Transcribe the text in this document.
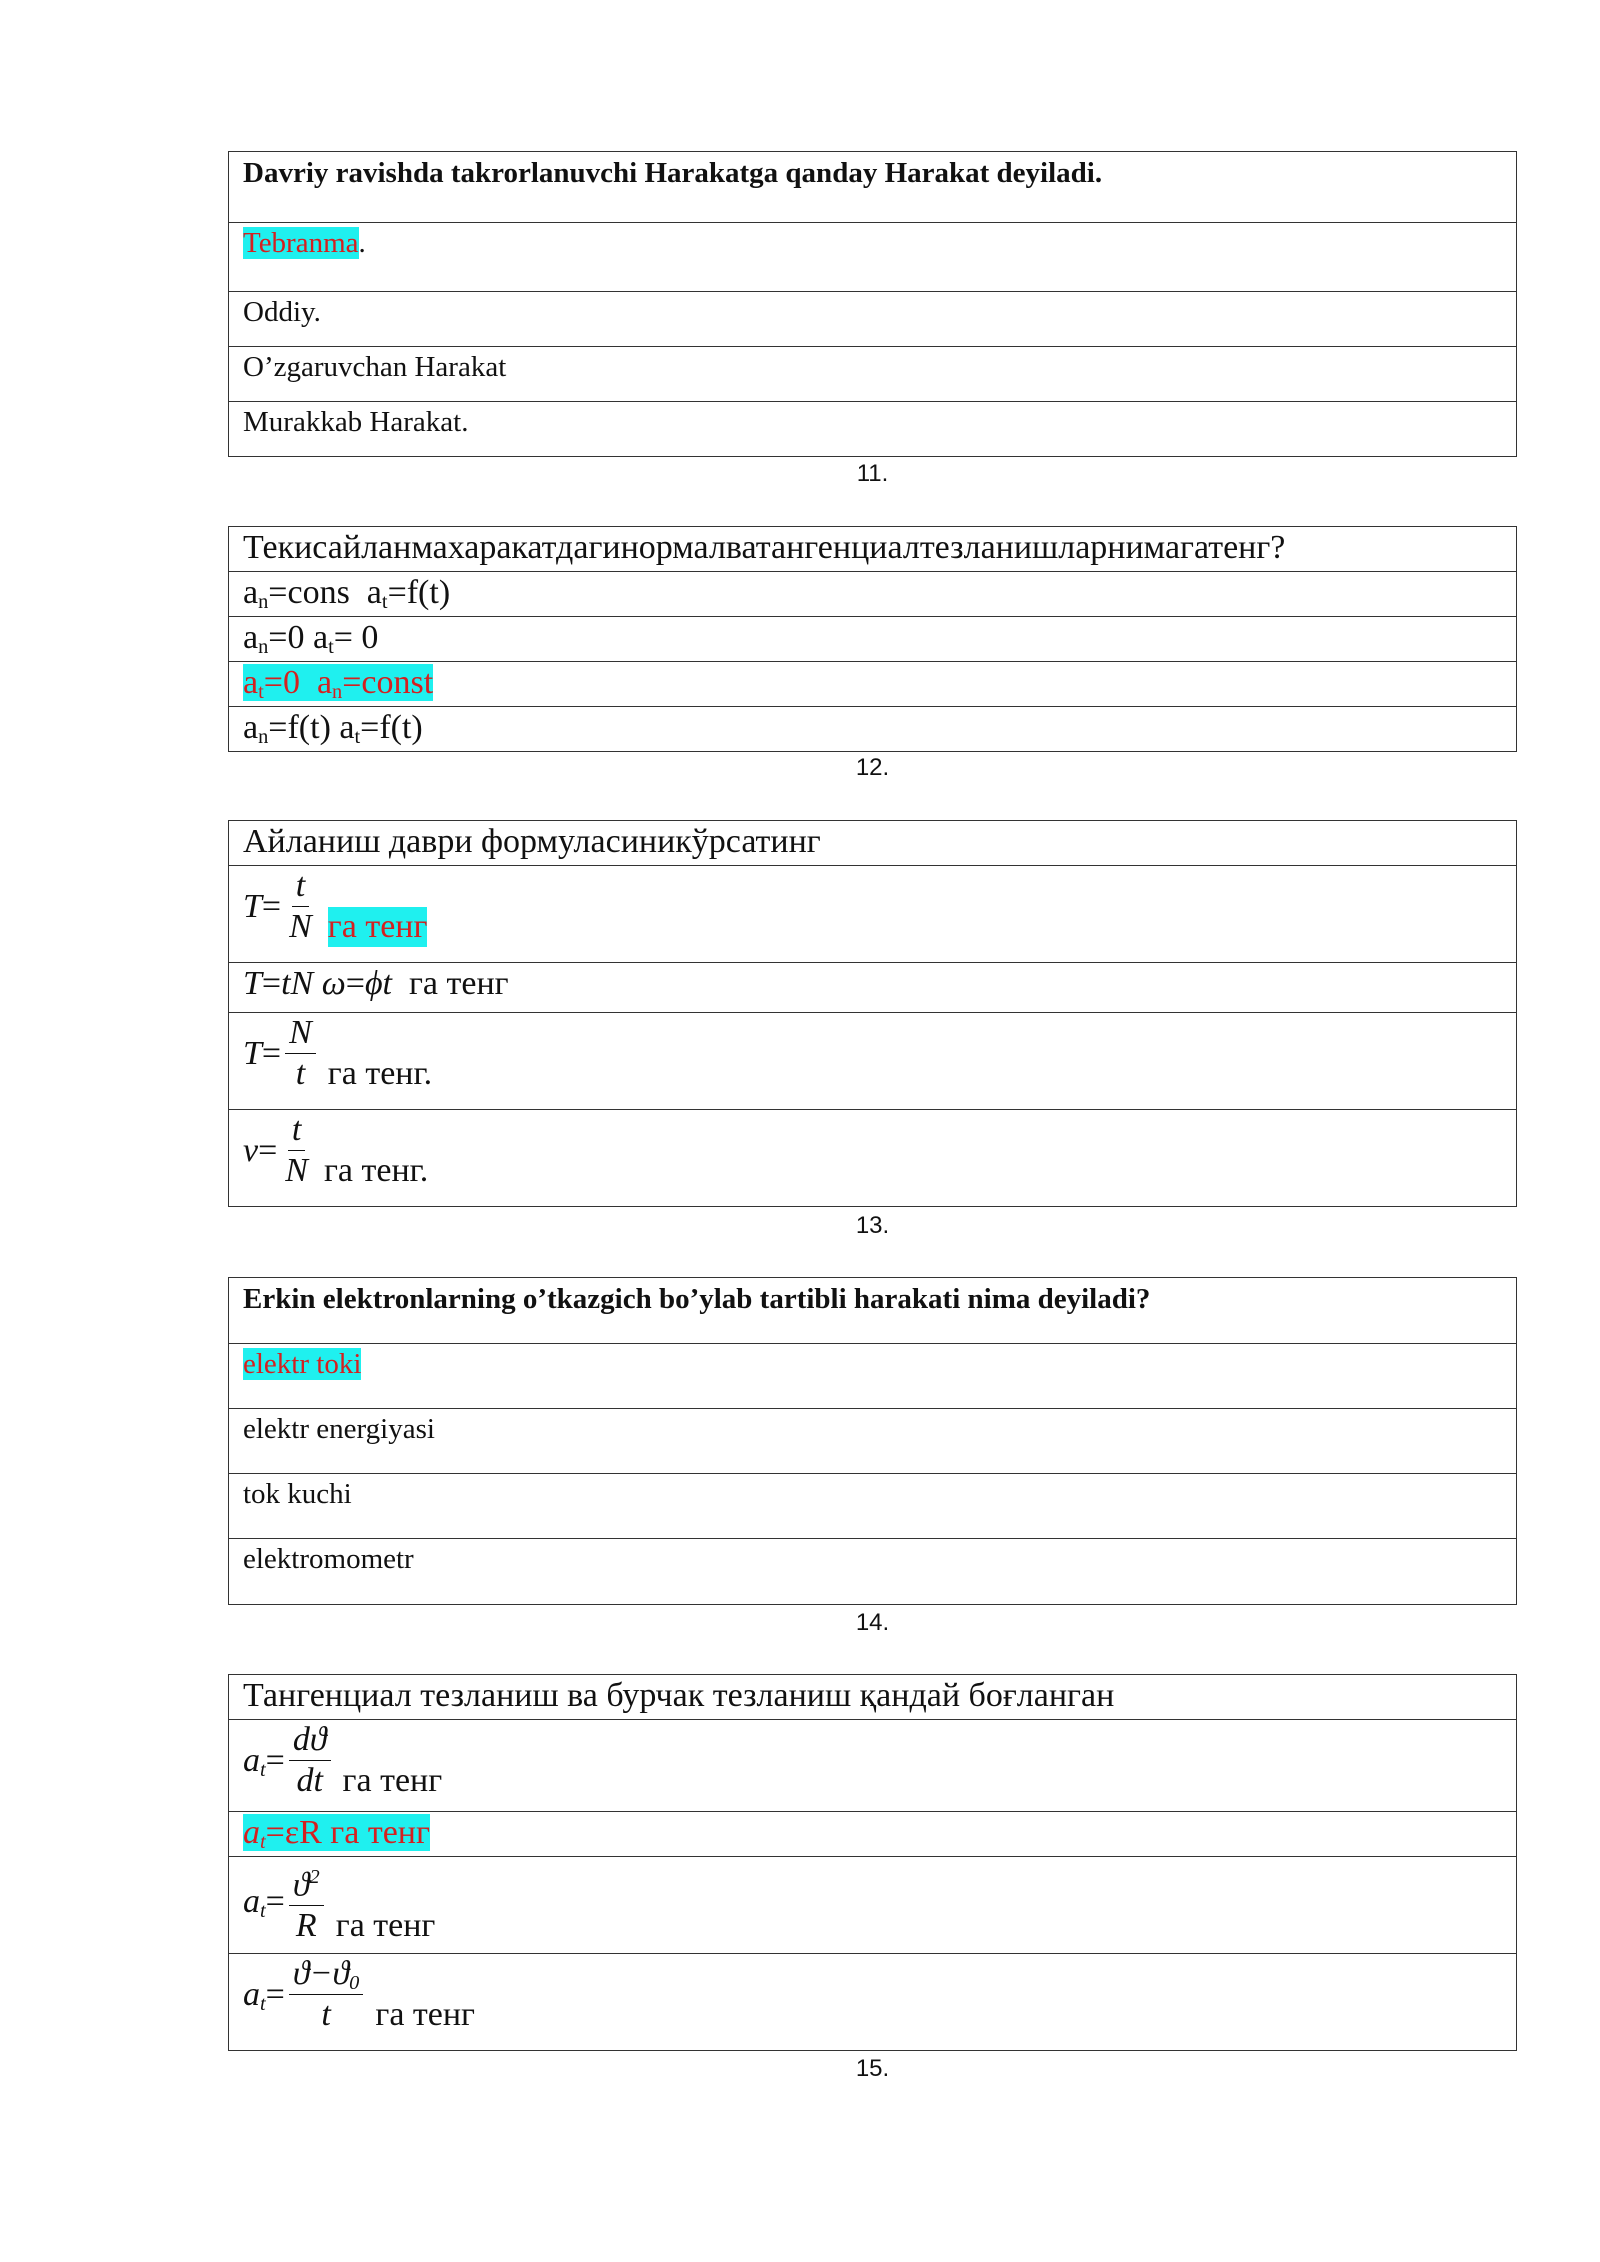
Davriy ravishda takrorlanuvchi Harakatga qanday Harakat deyiladi.
Tebranma.
Oddiy.
O’zgaruvchan Harakat
Murakkab Harakat.
11.
Текисайланмахаракатдагинормалватангенциалтезланишларнимагатенг?
$a_n=cons$  $a_t=f(t)$
$a_n=0$ $a_t= 0$
$a_t=0$  $a_n=const$
$a_n=f(t)$ $a_t=f(t)$
12.
Айланиш даври формуласиникўрсатинг

$T = \frac{t}{N}$ га тенг

T=tN ω=ϕt га тенг

$T = \frac{N}{t}$ га тенг.

$v = \frac{t}{N}$ га тенг.
13.
Erkin elektronlarning o’tkazgich bo’ylab tartibli harakati nima deyiladi?
elektr toki
elektr energiyasi
tok kuchi
elektromometr
14.
Тангенциал тезланиш ва бурчак тезланиш қандай боғланган

$a_t = \frac{dϑ}{dt}$ га тенг

$a_t=\varepsilon R$ га тенг

$a_t = \frac{ϑ^2}{R}$ га тенг

$a_t = \frac{ϑ-ϑ_0}{t}$ га тенг
15.
